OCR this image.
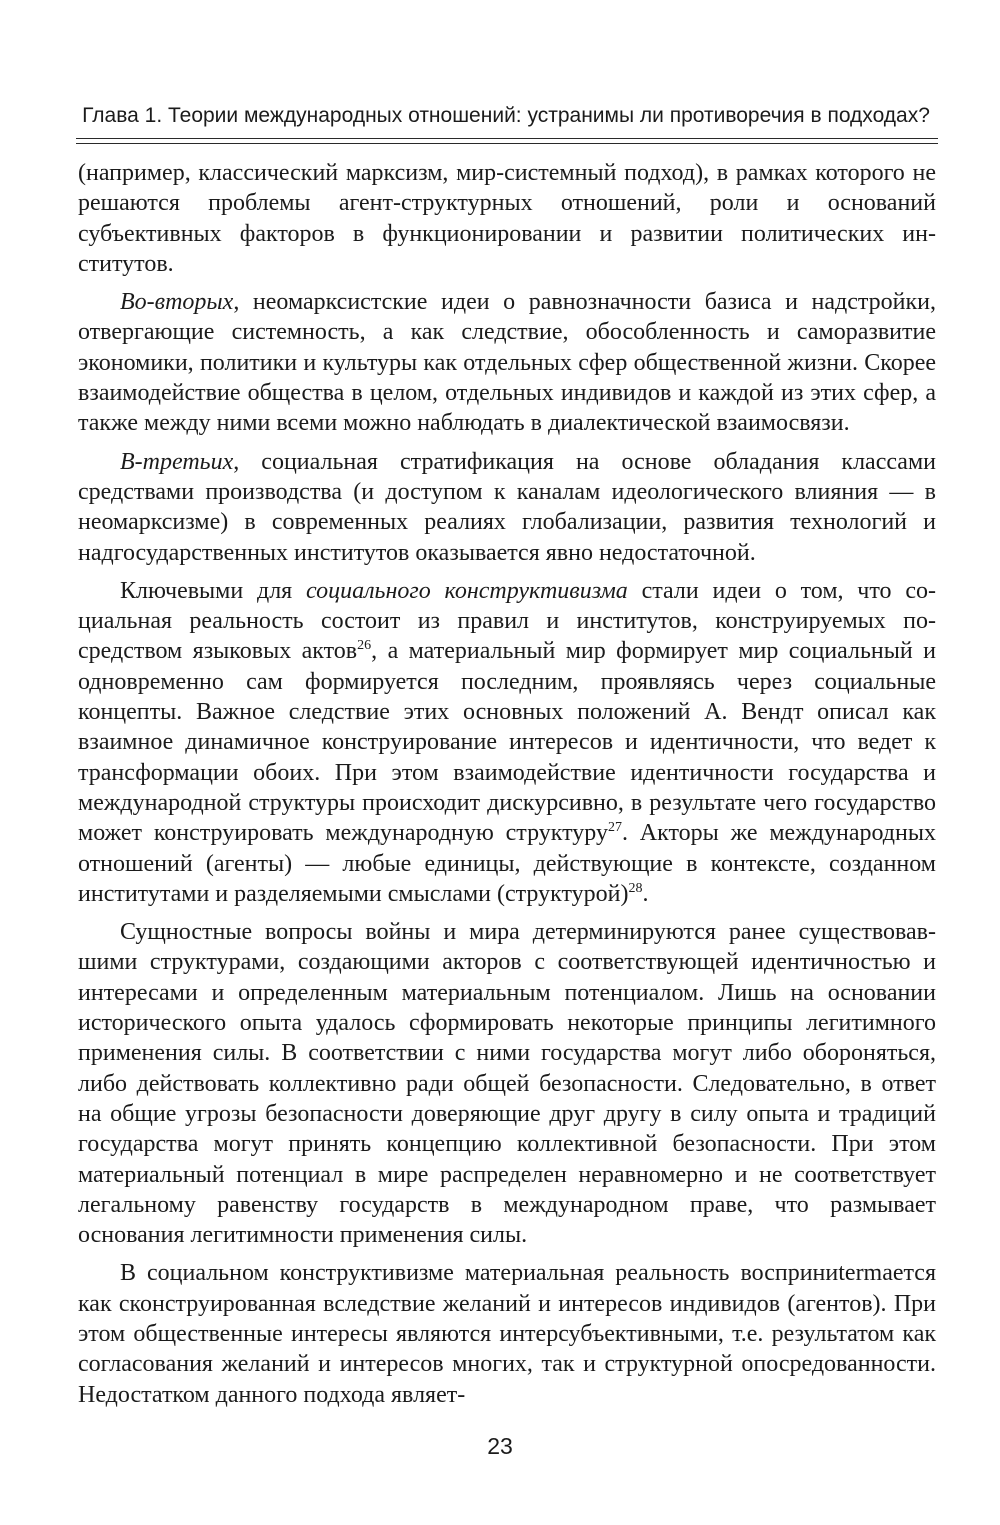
Глава 1. Теории международных отношений: устранимы ли противоречия в подходах?

(например, классический марксизм, мир-системный подход), в рамках которого не решаются проблемы агент-структурных отношений, роли и оснований субъективных факторов в функционировании и развитии политических институтов.

Во-вторых, неомарксистские идеи о равнозначности базиса и надстройки, отвергающие системность, а как следствие, обособленность и саморазвитие экономики, политики и культуры как отдельных сфер общественной жизни. Скорее взаимодействие общества в целом, отдельных индивидов и каждой из этих сфер, а также между ними всеми можно наблюдать в диалектической взаимосвязи.

В-третьих, социальная стратификация на основе обладания классами средствами производства (и доступом к каналам идеологического влияния — в неомарксизме) в современных реалиях глобализации, развития технологий и надгосударственных институтов оказывается явно недостаточной.

Ключевыми для социального конструктивизма стали идеи о том, что социальная реальность состоит из правил и институтов, конструируемых посредством языковых актов$^{26}$, а материальный мир формирует мир социальный и одновременно сам формируется последним, проявляясь через социальные концепты. Важное следствие этих основных положений А. Вендт описал как взаимное динамичное конструирование интересов и идентичности, что ведет к трансформации обоих. При этом взаимодействие идентичности государства и международной структуры происходит дискурсивно, в результате чего государство может конструировать международную структуру$^{27}$. Акторы же международных отношений (агенты) — любые единицы, действующие в контексте, созданном институтами и разделяемыми смыслами (структурой)$^{28}$.

Сущностные вопросы войны и мира детерминируются ранее существовавшими структурами, создающими акторов с соответствующей идентичностью и интересами и определенным материальным потенциалом. Лишь на основании исторического опыта удалось сформировать некоторые принципы легитимного применения силы. В соответствии с ними государства могут либо обороняться, либо действовать коллективно ради общей безопасности. Следовательно, в ответ на общие угрозы безопасности доверяющие друг другу в силу опыта и традиций государства могут принять концепцию коллективной безопасности. При этом материальный потенциал в мире распределен неравномерно и не соответствует легальному равенству государств в международном праве, что размывает основания легитимности применения силы.

В социальном конструктивизме материальная реальность восприниtermается как сконструированная вследствие желаний и интересов индивидов (агентов). При этом общественные интересы являются интерсубъективными, т.е. результатом как согласования желаний и интересов многих, так и структурной опосредованности. Недостатком данного подхода являет-

23
